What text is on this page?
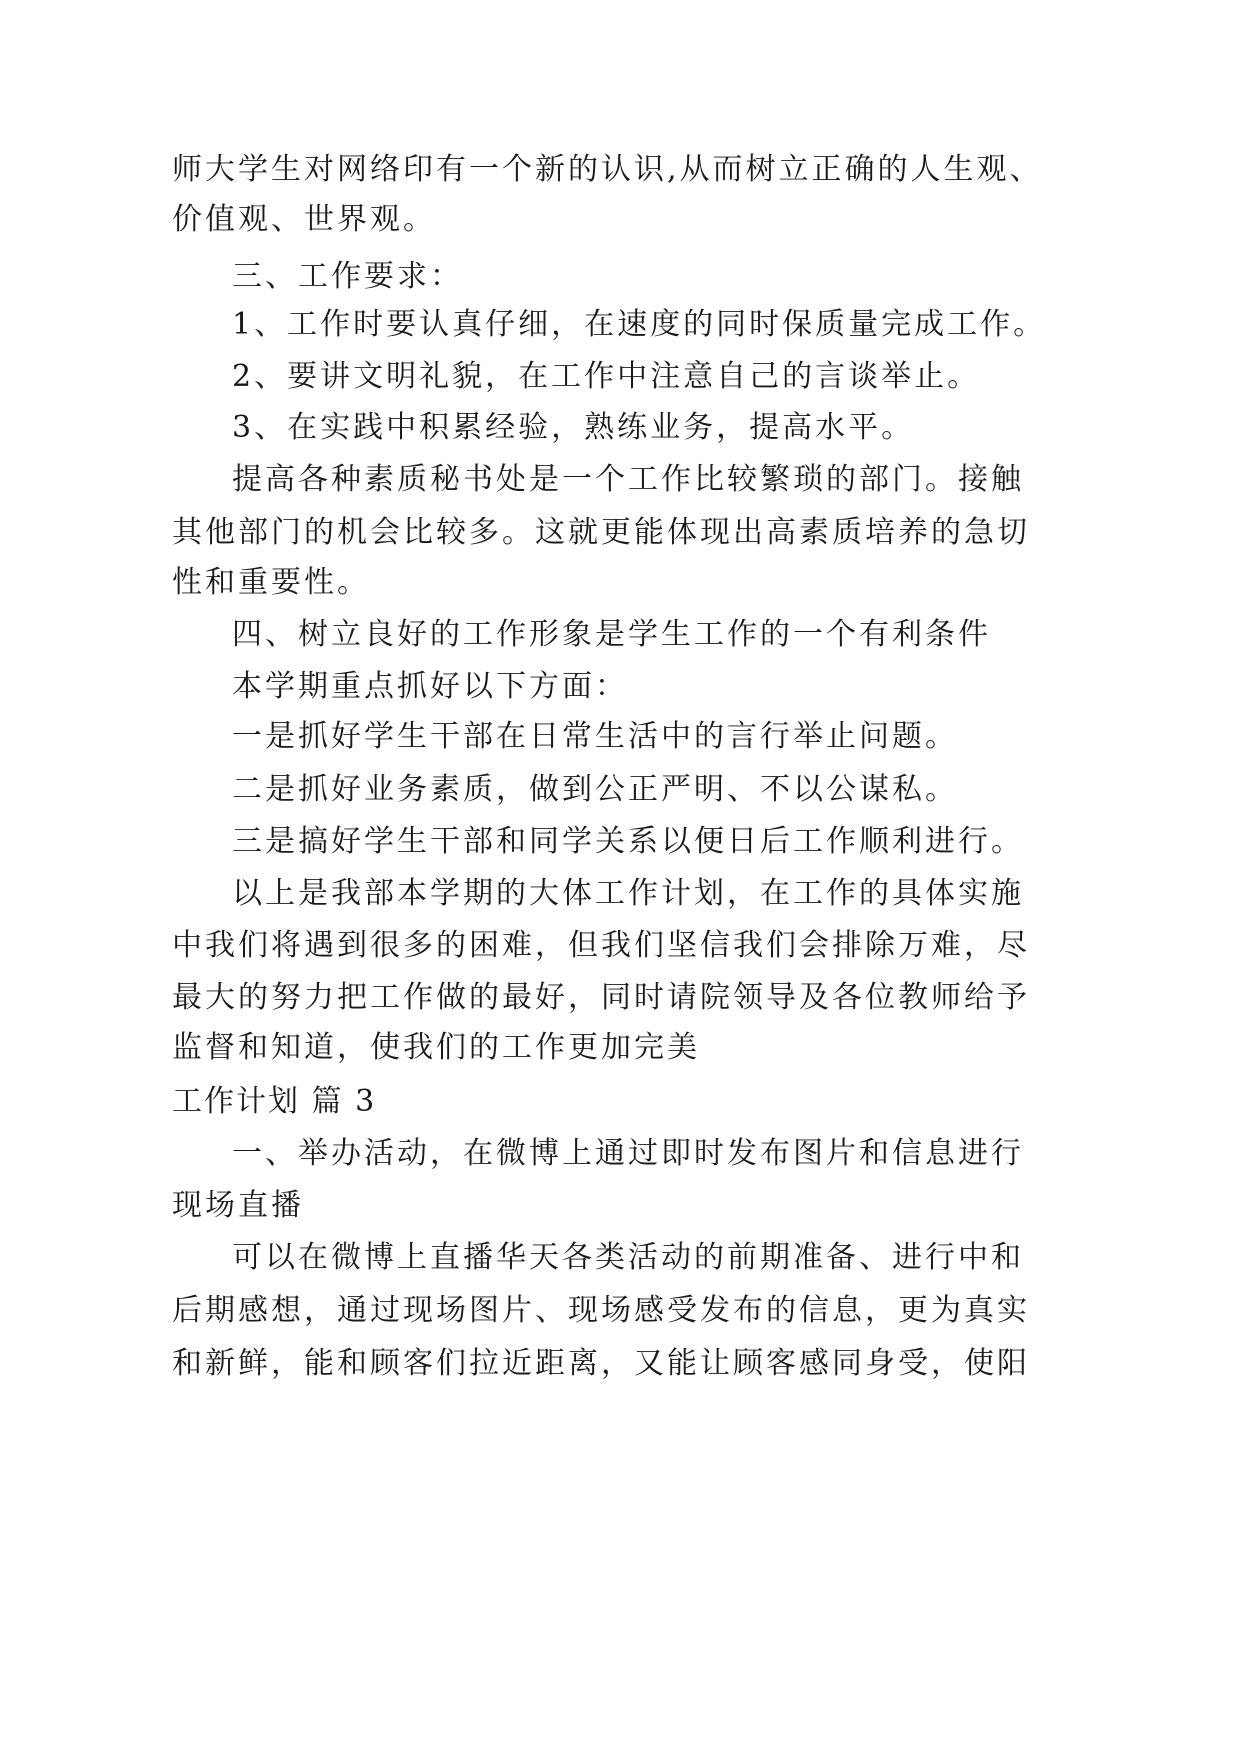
师大学生对网络印有一个新的认识,从而树立正确的人生观、
价值观、世界观。
三、工作要求：
1、工作时要认真仔细，在速度的同时保质量完成工作。
2、要讲文明礼貌，在工作中注意自己的言谈举止。
3、在实践中积累经验，熟练业务，提高水平。
提高各种素质秘书处是一个工作比较繁琐的部门。接触
其他部门的机会比较多。这就更能体现出高素质培养的急切
性和重要性。
四、树立良好的工作形象是学生工作的一个有利条件
本学期重点抓好以下方面：
一是抓好学生干部在日常生活中的言行举止问题。
二是抓好业务素质，做到公正严明、不以公谋私。
三是搞好学生干部和同学关系以便日后工作顺利进行。
以上是我部本学期的大体工作计划，在工作的具体实施
中我们将遇到很多的困难，但我们坚信我们会排除万难，尽
最大的努力把工作做的最好，同时请院领导及各位教师给予
监督和知道，使我们的工作更加完美
工作计划 篇 3
一、举办活动，在微博上通过即时发布图片和信息进行
现场直播
可以在微博上直播华天各类活动的前期准备、进行中和
后期感想，通过现场图片、现场感受发布的信息，更为真实
和新鲜，能和顾客们拉近距离，又能让顾客感同身受，使阳
